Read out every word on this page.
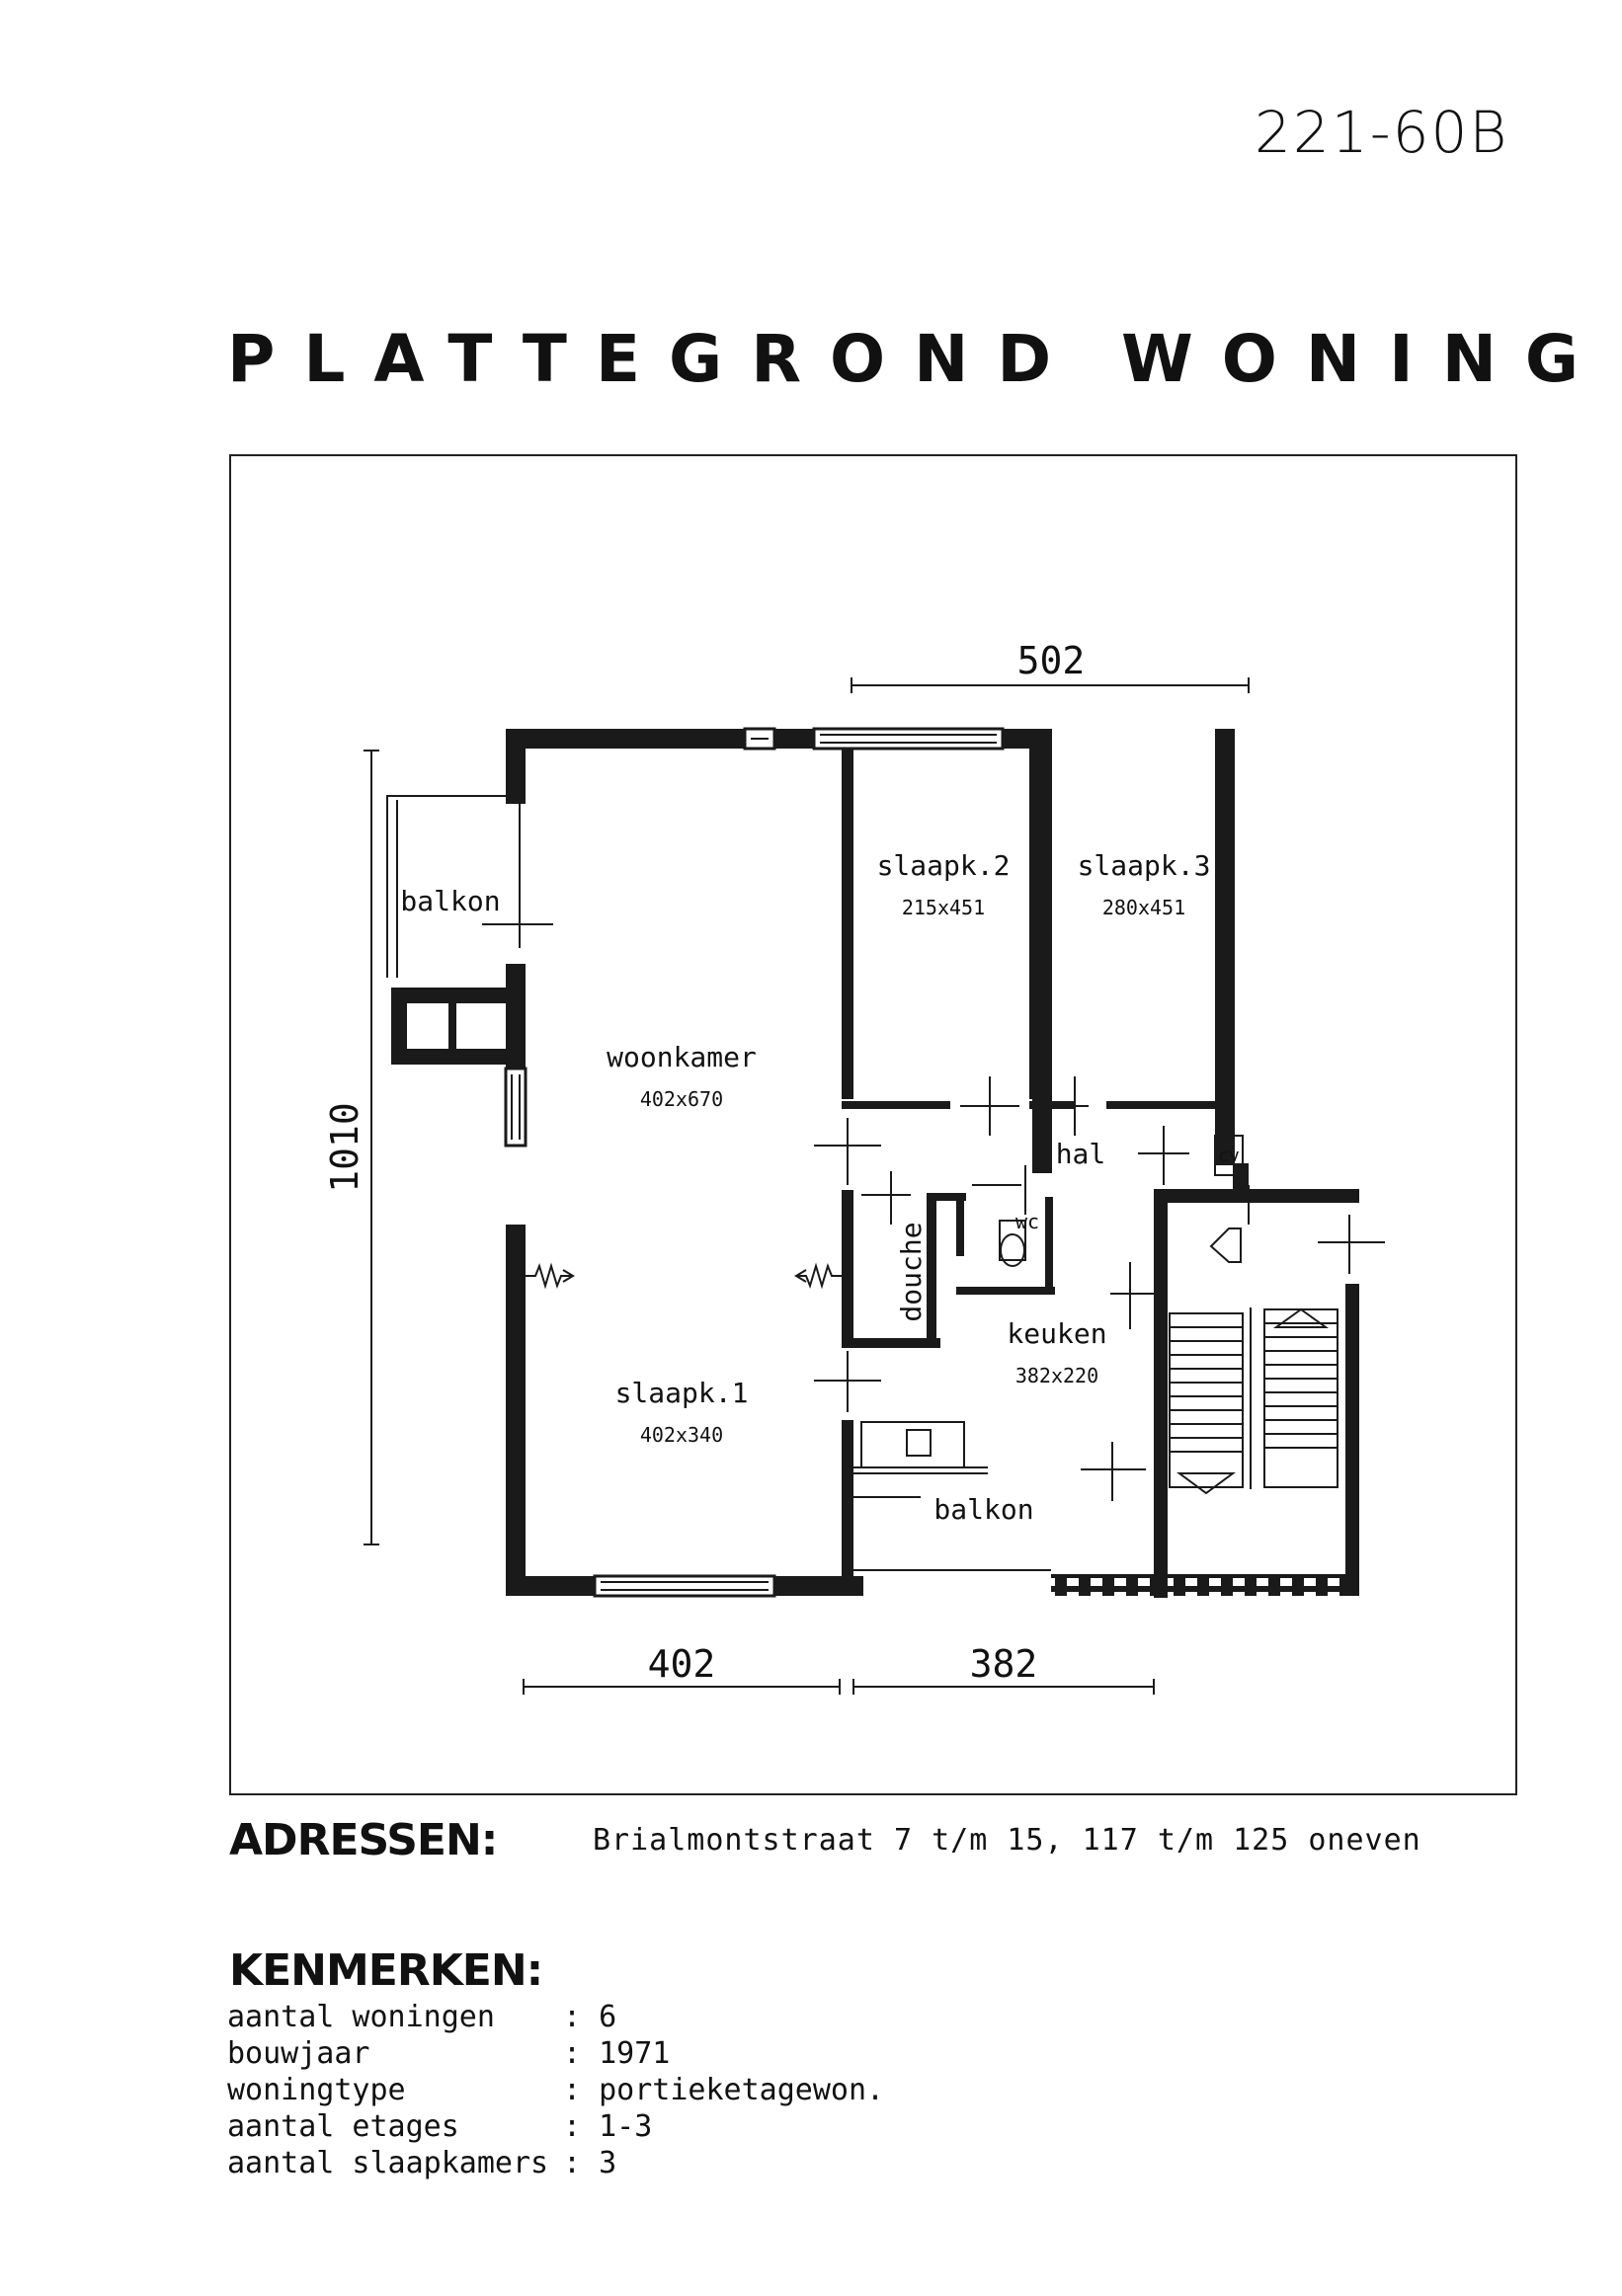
221-60B
PLATTEGROND WONING
502
1010
402	382
balkon
slaapk.2
215x451
slaapk.3
280x451
woonkamer
402x670
hal	cv
wc
douche
keuken
382x220
slaapk.1
402x340
balkon
ADRESSEN:	Brialmontstraat 7 t/m 15, 117 t/m 125 oneven
KENMERKEN:
aantal woningen	: 6
bouwjaar	: 1971
woningtype	: portieketagewon.
aantal etages	: 1-3
aantal slaapkamers : 3
